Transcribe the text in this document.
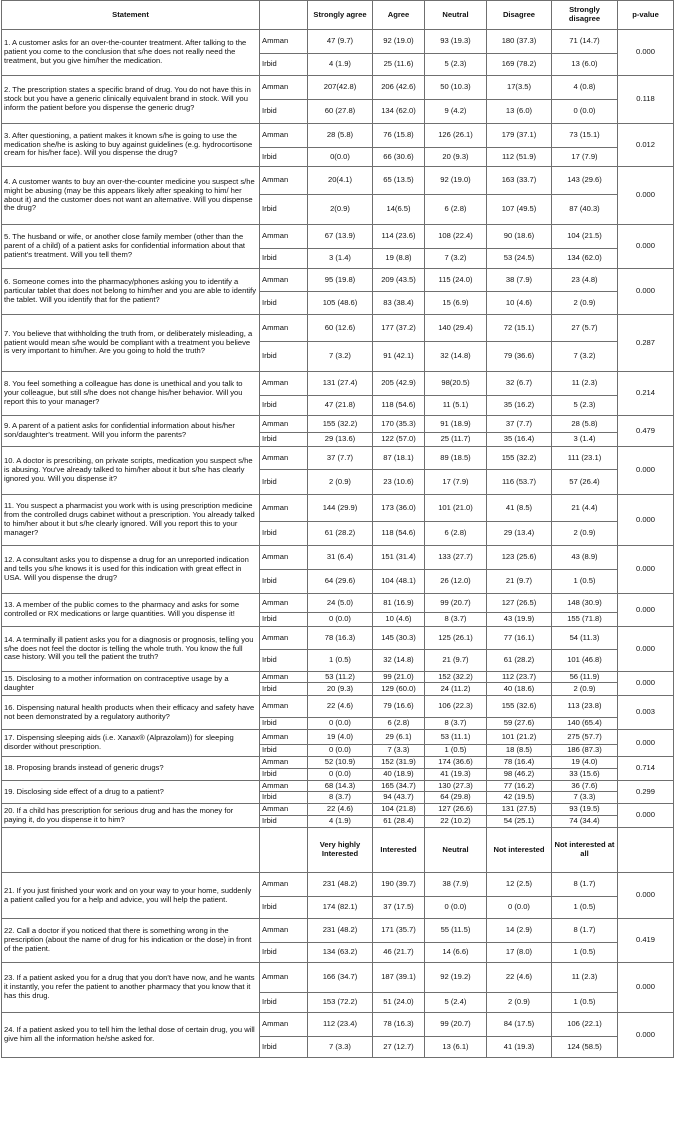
Statement		Strongly agree	Agree	Neutral	Disagree	Strongly disagree	p-value
1. A customer asks for an over-the-counter treatment. After talking to the patient you come to the conclusion that s/he does not really need the treatment, but you give him/her the medication.	Amman	47 (9.7)	92 (19.0)	93 (19.3)	180 (37.3)	71 (14.7)	0.000
	Irbid	4 (1.9)	25 (11.6)	5 (2.3)	169 (78.2)	13 (6.0)	
2. The prescription states a specific brand of drug. You do not have this in stock but you have a generic clinically equivalent brand in stock. Will you inform the patient before you dispense the generic drug?	Amman	207(42.8)	206 (42.6)	50 (10.3)	17(3.5)	4 (0.8)	0.118
	Irbid	60 (27.8)	134 (62.0)	9 (4.2)	13 (6.0)	0 (0.0)	
3. After questioning, a patient makes it known s/he is going to use the medication she/he is asking to buy against guidelines (e.g. hydrocortisone cream for his/her face). Will you dispense the drug?	Amman	28 (5.8)	76 (15.8)	126 (26.1)	179 (37.1)	73 (15.1)	0.012
	Irbid	0(0.0)	66 (30.6)	20 (9.3)	112 (51.9)	17 (7.9)	
4. A customer wants to buy an over-the-counter medicine you suspect s/he might be abusing (may be this appears likely after speaking to him/ her about it) and the customer does not want an alternative. Will you dispense the drug?	Amman	20(4.1)	65 (13.5)	92 (19.0)	163 (33.7)	143 (29.6)	0.000
	Irbid	2(0.9)	14(6.5)	6 (2.8)	107 (49.5)	87 (40.3)	
5. The husband or wife, or another close family member (other than the parent of a child) of a patient asks for confidential information about that patient's treatment. Will you tell them?	Amman	67 (13.9)	114 (23.6)	108 (22.4)	90 (18.6)	104 (21.5)	0.000
	Irbid	3 (1.4)	19 (8.8)	7 (3.2)	53 (24.5)	134 (62.0)	
6. Someone comes into the pharmacy/phones asking you to identify a particular tablet that does not belong to him/her and you are able to identify the tablet. Will you identify that for the patient?	Amman	95 (19.8)	209 (43.5)	115 (24.0)	38 (7.9)	23 (4.8)	0.000
	Irbid	105 (48.6)	83 (38.4)	15 (6.9)	10 (4.6)	2 (0.9)	
7. You believe that withholding the truth from, or deliberately misleading, a patient would mean s/he would be compliant with a treatment you believe is very important to him/her. Are you going to hold the truth?	Amman	60 (12.6)	177 (37.2)	140 (29.4)	72 (15.1)	27 (5.7)	0.287
	Irbid	7 (3.2)	91 (42.1)	32 (14.8)	79 (36.6)	7 (3.2)	
8. You feel something a colleague has done is unethical and you talk to your colleague, but still s/he does not change his/her behavior. Will you report this to your manager?	Amman	131 (27.4)	205 (42.9)	98(20.5)	32 (6.7)	11 (2.3)	0.214
	Irbid	47 (21.8)	118 (54.6)	11 (5.1)	35 (16.2)	5 (2.3)	
9. A parent of a patient asks for confidential information about his/her son/daughter's treatment. Will you inform the parents?	Amman	155 (32.2)	170 (35.3)	91 (18.9)	37 (7.7)	28 (5.8)	0.479
	Irbid	29 (13.6)	122 (57.0)	25 (11.7)	35 (16.4)	3 (1.4)	
10. A doctor is prescribing, on private scripts, medication you suspect s/he is abusing. You've already talked to him/her about it but s/he has clearly ignored you. Will you dispense it?	Amman	37 (7.7)	87 (18.1)	89 (18.5)	155 (32.2)	111 (23.1)	0.000
	Irbid	2 (0.9)	23 (10.6)	17 (7.9)	116 (53.7)	57 (26.4)	
11. You suspect a pharmacist you work with is using prescription medicine from the controlled drugs cabinet without a prescription. You already talked to him/her about it but s/he clearly ignored. Will you report this to your manager?	Amman	144 (29.9)	173 (36.0)	101 (21.0)	41 (8.5)	21 (4.4)	0.000
	Irbid	61 (28.2)	118 (54.6)	6 (2.8)	29 (13.4)	2 (0.9)	
12. A consultant asks you to dispense a drug for an unreported indication and tells you s/he knows it is used for this indication with great effect in USA. Will you dispense the drug?	Amman	31 (6.4)	151 (31.4)	133 (27.7)	123 (25.6)	43 (8.9)	0.000
	Irbid	64 (29.6)	104 (48.1)	26 (12.0)	21 (9.7)	1 (0.5)	
13. A member of the public comes to the pharmacy and asks for some controlled or RX medications or large quantities. Will you dispense it!	Amman	24 (5.0)	81 (16.9)	99 (20.7)	127 (26.5)	148 (30.9)	0.000
	Irbid	0 (0.0)	10 (4.6)	8 (3.7)	43 (19.9)	155 (71.8)	
14. A terminally ill patient asks you for a diagnosis or prognosis, telling you s/he does not feel the doctor is telling the whole truth. You know the full case history. Will you tell the patient the truth?	Amman	78 (16.3)	145 (30.3)	125 (26.1)	77 (16.1)	54 (11.3)	0.000
	Irbid	1 (0.5)	32 (14.8)	21 (9.7)	61 (28.2)	101 (46.8)	
15. Disclosing to a mother information on contraceptive usage by a daughter	Amman	53 (11.2)	99 (21.0)	152 (32.2)	112 (23.7)	56 (11.9)	0.000
	Irbid	20 (9.3)	129 (60.0)	24 (11.2)	40 (18.6)	2 (0.9)	
16. Dispensing natural health products when their efficacy and safety have not been demonstrated by a regulatory authority?	Amman	22 (4.6)	79 (16.6)	106 (22.3)	155 (32.6)	113 (23.8)	0.003
	Irbid	0 (0.0)	6 (2.8)	8 (3.7)	59 (27.6)	140 (65.4)	
17. Dispensing sleeping aids (i.e. Xanax® (Alprazolam)) for sleeping disorder without prescription.	Amman	19 (4.0)	29 (6.1)	53 (11.1)	101 (21.2)	275 (57.7)	0.000
	Irbid	0 (0.0)	7 (3.3)	1 (0.5)	18 (8.5)	186 (87.3)	
18. Proposing brands instead of generic drugs?	Amman	52 (10.9)	152 (31.9)	174 (36.6)	78 (16.4)	19 (4.0)	0.714
	Irbid	0 (0.0)	40 (18.9)	41 (19.3)	98 (46.2)	33 (15.6)	
19. Disclosing side effect of a drug to a patient?	Amman	68 (14.3)	165 (34.7)	130 (27.3)	77 (16.2)	36 (7.6)	0.299
	Irbid	8 (3.7)	94 (43.7)	64 (29.8)	42 (19.5)	7 (3.3)	
20. If a child has prescription for serious drug and has the money for paying it, do you dispense it to him?	Amman	22 (4.6)	104 (21.8)	127 (26.6)	131 (27.5)	93 (19.5)	0.000
	Irbid	4 (1.9)	61 (28.4)	22 (10.2)	54 (25.1)	74 (34.4)	
		Very highly Interested	Interested	Neutral	Not interested	Not interested at all	
21. If you just finished your work and on your way to your home, suddenly a patient called you for a help and advice, you will help the patient.	Amman	231 (48.2)	190 (39.7)	38 (7.9)	12 (2.5)	8 (1.7)	0.000
	Irbid	174 (82.1)	37 (17.5)	0 (0.0)	0 (0.0)	1 (0.5)	
22. Call a doctor if you noticed that there is something wrong in the prescription (about the name of drug for his indication or the dose) in front of the patient.	Amman	231 (48.2)	171 (35.7)	55 (11.5)	14 (2.9)	8 (1.7)	0.419
	Irbid	134 (63.2)	46 (21.7)	14 (6.6)	17 (8.0)	1 (0.5)	
23. If a patient asked you for a drug that you don't have now, and he wants it instantly, you refer the patient to another pharmacy that you know that it has this drug.	Amman	166 (34.7)	187 (39.1)	92 (19.2)	22 (4.6)	11 (2.3)	0.000
	Irbid	153 (72.2)	51 (24.0)	5 (2.4)	2 (0.9)	1 (0.5)	
24. If a patient asked you to tell him the lethal dose of certain drug, you will give him all the information he/she asked for.	Amman	112 (23.4)	78 (16.3)	99 (20.7)	84 (17.5)	106 (22.1)	0.000
	Irbid	7 (3.3)	27 (12.7)	13 (6.1)	41 (19.3)	124 (58.5)	
